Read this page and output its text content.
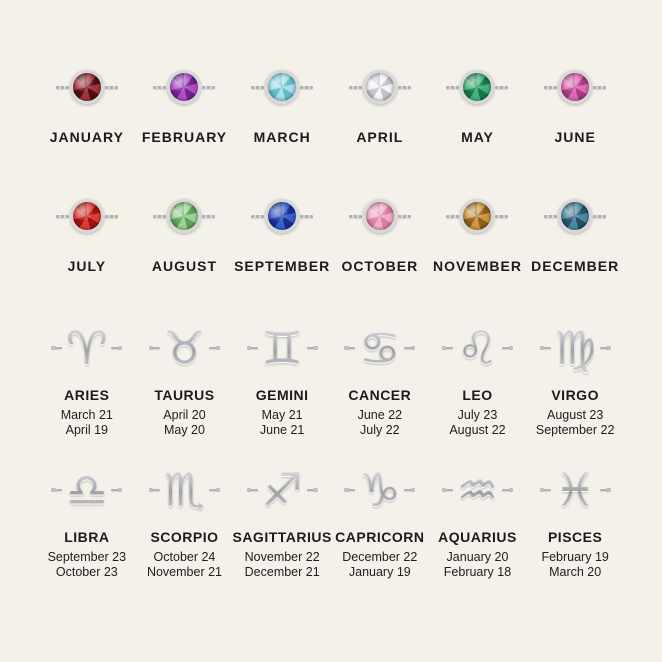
JANUARY FEBRUARY MARCH	APRIL	MAY	JUNE
JULY	AUGUST SEPTEMBER OCTOBER NOVEMBER DECEMBER
♈
ARIES
March 21
April 19
♉
TAURUS
April 20
May 20
♊
GEMINI
May 21
June 21
♋
CANCER
June 22
July 22
♌
LEO
July 23
August 22
♍
VIRGO
August 23
September 22
♎
LIBRA
September 23
October 23
♏
SCORPIO
October 24
November 21
♐
SAGITTARIUS
November 22
December 21
♑
CAPRICORN
December 22
January 19
♒
AQUARIUS
January 20
February 18
♓
PISCES
February 19
March 20
